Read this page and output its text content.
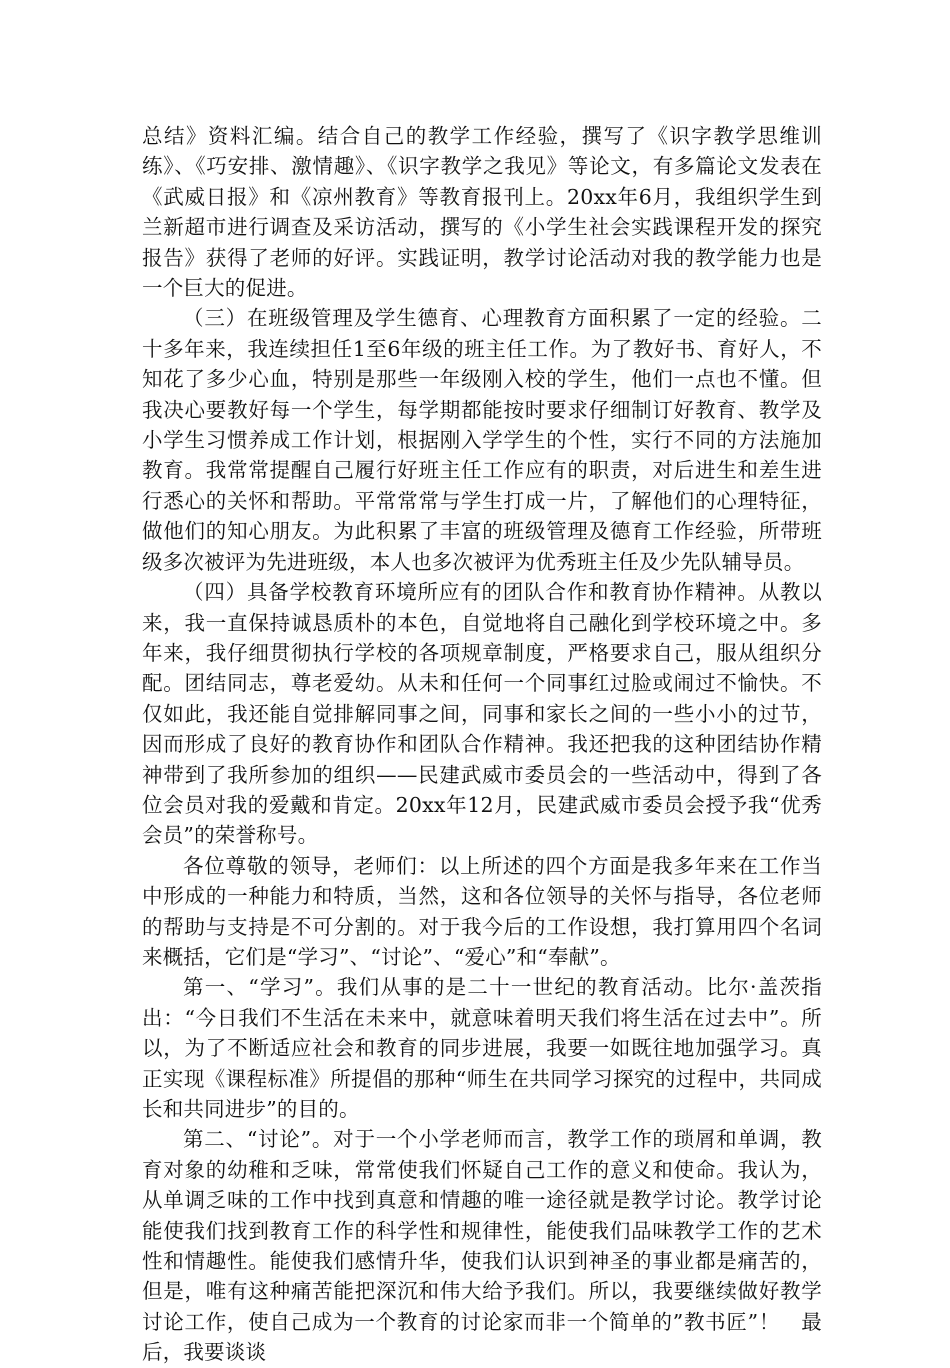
总结》资料汇编。结合自己的教学工作经验，撰写了《识字教学思维训练》、《巧安排、激情趣》、《识字教学之我见》等论文，有多篇论文发表在《武威日报》和《凉州教育》等教育报刊上。20xx年6月，我组织学生到兰新超市进行调查及采访活动，撰写的《小学生社会实践课程开发的探究报告》获得了老师的好评。实践证明，教学讨论活动对我的教学能力也是一个巨大的促进。

（三）在班级管理及学生德育、心理教育方面积累了一定的经验。二十多年来，我连续担任1至6年级的班主任工作。为了教好书、育好人，不知花了多少心血，特别是那些一年级刚入校的学生，他们一点也不懂。但我决心要教好每一个学生，每学期都能按时要求仔细制订好教育、教学及小学生习惯养成工作计划，根据刚入学学生的个性，实行不同的方法施加教育。我常常提醒自己履行好班主任工作应有的职责，对后进生和差生进行悉心的关怀和帮助。平常常常与学生打成一片，了解他们的心理特征，做他们的知心朋友。为此积累了丰富的班级管理及德育工作经验，所带班级多次被评为先进班级，本人也多次被评为优秀班主任及少先队辅导员。

（四）具备学校教育环境所应有的团队合作和教育协作精神。从教以来，我一直保持诚恳质朴的本色，自觉地将自己融化到学校环境之中。多年来，我仔细贯彻执行学校的各项规章制度，严格要求自己，服从组织分配。团结同志，尊老爱幼。从未和任何一个同事红过脸或闹过不愉快。不仅如此，我还能自觉排解同事之间，同事和家长之间的一些小小的过节，因而形成了良好的教育协作和团队合作精神。我还把我的这种团结协作精神带到了我所参加的组织——民建武威市委员会的一些活动中，得到了各位会员对我的爱戴和肯定。20xx年12月，民建武威市委员会授予我“优秀会员”的荣誉称号。

各位尊敬的领导，老师们：以上所述的四个方面是我多年来在工作当中形成的一种能力和特质，当然，这和各位领导的关怀与指导，各位老师的帮助与支持是不可分割的。对于我今后的工作设想，我打算用四个名词来概括，它们是“学习”、“讨论”、“爱心”和“奉献”。

第一、“学习”。我们从事的是二十一世纪的教育活动。比尔·盖茨指出：“今日我们不生活在未来中，就意味着明天我们将生活在过去中”。所以，为了不断适应社会和教育的同步进展，我要一如既往地加强学习。真正实现《课程标准》所提倡的那种“师生在共同学习探究的过程中，共同成长和共同进步”的目的。

第二、“讨论”。对于一个小学老师而言，教学工作的琐屑和单调，教育对象的幼稚和乏味，常常使我们怀疑自己工作的意义和使命。我认为，从单调乏味的工作中找到真意和情趣的唯一途径就是教学讨论。教学讨论能使我们找到教育工作的科学性和规律性，能使我们品味教学工作的艺术性和情趣性。能使我们感情升华，使我们认识到神圣的事业都是痛苦的，但是，唯有这种痛苦能把深沉和伟大给予我们。所以，我要继续做好教学讨论工作，使自己成为一个教育的讨论家而非一个简单的”教书匠”！　最后，我要谈谈
